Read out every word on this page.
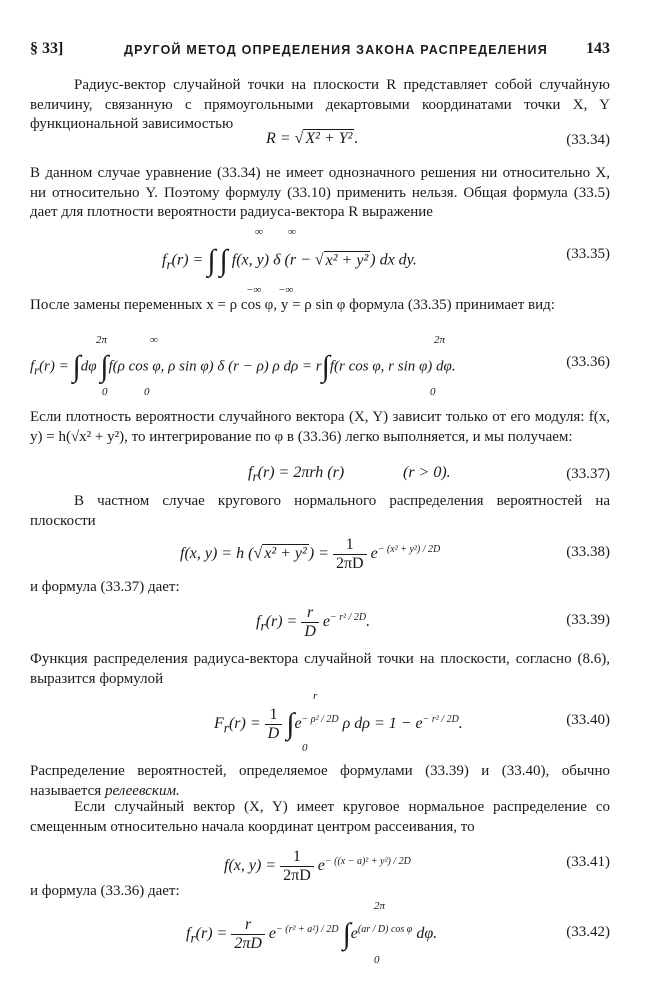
§ 33]	ДРУГОЙ МЕТОД ОПРЕДЕЛЕНИЯ ЗАКОНА РАСПРЕДЕЛЕНИЯ 143
Радиус-вектор случайной точки на плоскости R представляет собой случайную величину, связанную с прямоугольными декартовыми координатами точки X, Y функциональной зависимостью
R = √ X² + Y² .	(33.34)
В данном случае уравнение (33.34) не имеет однозначного решения ни относительно X, ни относительно Y. Поэтому формулу (33.10) применить нельзя. Общая формула (33.5) дает для плотности вероятности радиуса-вектора R выражение
$f_r(r)$ = ∫ ∫ f(x, y) δ (r − √ x² + y² ) dx dy.
∞
−∞
∞
−∞
(33.35)
После замены переменных x = ρ cos φ, y = ρ sin φ формула (33.35) принимает вид:
$f_r(r) = \int d\varphi$ ∫f(ρ cos φ, ρ sin φ) δ (r − ρ) ρ dρ = r∫f(r cos φ, r sin φ) dφ.
2π
0
∞
0
2π
0
(33.36)
Если плотность вероятности случайного вектора (X, Y) зависит только от его модуля: f(x, y) = h(√x² + y²), то интегрирование по φ в (33.36) легко выполняется, и мы получаем:
$f_r(r) = 2\pi rh$ (r)	(r > 0).	(33.37)
В частном случае кругового нормального распределения вероятностей на плоскости
f(x, y) = h (√ x² + y² ) = $\frac{1}{2\pi D} e^{- (x^2 + y^2) / 2D}$	(33.38)
и формула (33.37) дает:
$f_r(r) = \frac{r}{D} e^{- r^2 / 2D}$.	(33.39)
Функция распределения радиуса-вектора случайной точки на плоскости, согласно (8.6), выразится формулой
$F_r(r) = \frac{1}{D} \int e^{- \rho^2 / 2D}$ ρ $d\rho = 1 - e^{- r^2 / 2D}$.
r
0
(33.40)
Распределение вероятностей, определяемое формулами (33.39) и (33.40), обычно называется релеевским.
Если случайный вектор (X, Y) имеет круговое нормальное распределение со смещенным относительно начала координат центром рассеивания, то
f(x, $y) = \frac{1}{2\pi D} e^{- ((x - a)^2 + y^2) / 2D}$	(33.41)
и формула (33.36) дает:
$f_r(r) = \frac{r}{2\pi D} e^{- (r^2 + a^2) / 2D}$ $\int e^{(ar / D) cos \varphi}$ dφ.
2π
0
(33.42)
